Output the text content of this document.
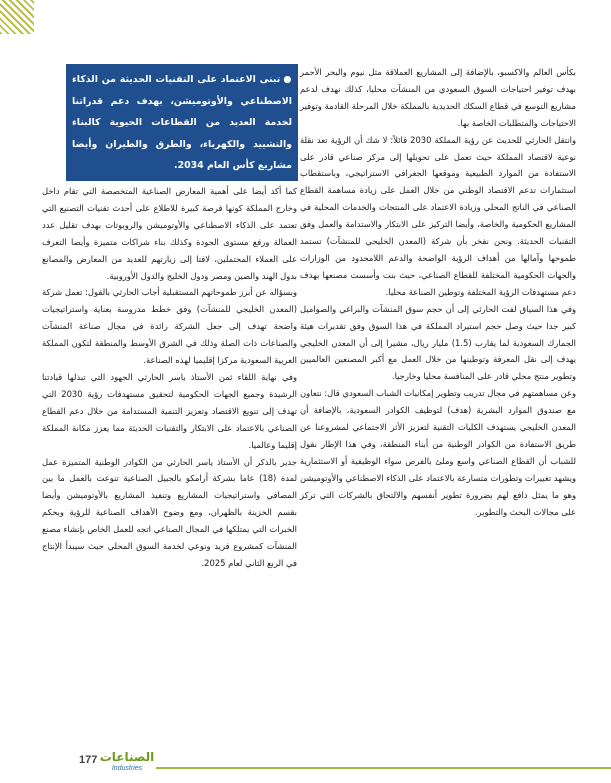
●تبنى الاعتماد على التقنيات الحديثة من الذكاء الاصطناعي والأوتوميشن، بهدف دعم قدراتنا لخدمة العديد من القطاعات الحيوية كالبناء والتشييد والكهرباء، والطرق والطيران وأيضا مشاريع كأس العام 2034.

بكأس العالم والاكسبو، بالإضافة إلى المشاريع العملاقة مثل نيوم والبحر الأحمر بهدف توفير احتياجات السوق السعودي من المنشآت محليا، كذلك نهدف لدعم مشاريع التوسع في قطاع السكك الحديدية بالمملكة خلال المرحلة القادمة وتوفير الاحتياجات والمتطلبات الخاصة بها.

وانتقل الحارثي للحديث عن رؤية المملكة 2030 قائلاً: لا شك أن الرؤية تعد نقلة نوعية لاقتصاد المملكة حيث تعمل على تحويلها إلى مركز صناعي قادر على الاستفادة من الموارد الطبيعية وموقعها الجغرافي الاستراتيجي، وباستقطاب استثمارات تدعم الاقتصاد الوطني من خلال العمل على زيادة مساهمة القطاع الصناعي في الناتج المحلي وزيادة الاعتماد على المنتجات والخدمات المحلية في المشاريع الحكومية والخاصة، وأيضا التركيز على الابتكار والاستدامة والعمل وفق التقنيات الحديثة. ونحن نفخر بأن شركة (المعدن الخليجي للمنشآت) تستمد طموحها وآمالها من أهداف الرؤية الواضحة والدعم اللامحدود من الوزارات والجهات الحكومية المختلفة للقطاع الصناعي، حيث بنت وأسست مصنعها بهدف دعم مستهدفات الرؤية المختلفة وتوطين الصناعة محليا.

وفي هذا السياق لفت الحارثي إلى أن حجم سوق المنشآت والبراغي والصواميل كبير جدا حيث وصل حجم استيراد المملكة في هذا السوق وفق تقديرات هيئة الجمارك السعودية لما يقارب (1.5) مليار ريال، مشيرا إلى أن المعدن الخليجي يهدف إلى نقل المعرفة وتوطينها من خلال العمل مع أكبر المصنعين العالميين وتطوير منتج محلي قادر على المنافسة محليا وخارجيا.

وعن مساهمتهم في مجال تدريب وتطوير إمكانيات الشباب السعودي قال: نتعاون مع صندوق الموارد البشرية (هدف) لتوظيف الكوادر السعودية، بالإضافة أن المعدن الخليجي يستهدف الكليات التقنية لتعزيز الأثر الاجتماعي لمشروعنا عن طريق الاستفادة من الكوادر الوطنية من أبناء المنطقة، وفي هذا الإطار نقول للشباب أن القطاع الصناعي واسع وملئ بالفرص سواء الوظيفية أو الاستثمارية ويشهد تغييرات وتطورات متسارعة بالاعتماد على الذكاء الاصطناعي والأوتوميشن وهو ما يمثل دافع لهم بضرورة تطوير أنفسهم والالتحاق بالشركات التي تركز على مجالات البحث والتطوير.

كما أكد أيضا على أهمية المعارض الصناعية المتخصصة التي تقام داخل وخارج المملكة كونها فرصة كبيرة للاطلاع على أحدث تقنيات التصنيع التي تعتمد على الذكاء الاصطناعي والأوتوميشن والروبوتات بهدف تقليل عدد العمالة ورفع مستوى الجودة وكذلك بناء شراكات متميزة وأيضا التعرف على العملاء المحتملين، لافتا إلى زيارتهم للعديد من المعارض والمصانع بدول الهند والصين ومصر ودول الخليج والدول الأوروبية.

وبسؤاله عن أبرز طموحاتهم المستقبلية أجاب الحارثي بالقول: تعمل شركة (المعدن الخليجي للمنشآت) وفق خطط مدروسة بعناية واستراتيجيات واضحة تهدف إلى جعل الشركة رائدة في مجال صناعة المنشآت والصناعات ذات الصلة وذلك في الشرق الأوسط والمنطقة لتكون المملكة العربية السعودية مركزا إقليميا لهذه الصناعة.

وفي نهاية اللقاء ثمن الأستاذ ياسر الحارثي الجهود التي تبذلها قيادتنا الرشيدة وجميع الجهات الحكومية لتحقيق مستهدفات رؤية 2030 التي تهدف إلى تنويع الاقتصاد وتعزيز التنمية المستدامة من خلال دعم القطاع الصناعي بالاعتماد على الابتكار والتقنيات الحديثة مما يعزز مكانة المملكة إقليما وعالميا.

جدير بالذكر أن الأستاذ ياسر الحارثي من الكوادر الوطنية المتميزة عمل لمدة (18) عاما بشركة أرامكو بالجبيل الصناعية تنوعت بالعمل ما بين المصافي واستراتيجيات المشاريع وتنفيذ المشاريع بالأوتوميشن وأيضا بقسم الخزينة بالظهران، ومع وضوح الأهداف الصناعية للرؤية وبحكم الخبرات التي يمتلكها في المجال الصناعي اتجه للعمل الخاص بإنشاء مصنع المنشآت كمشروع فريد ونوعي لخدمة السوق المحلي حيث سيبدأ الإنتاج في الربع الثاني لعام 2025.

177 الصناعات
Industries
